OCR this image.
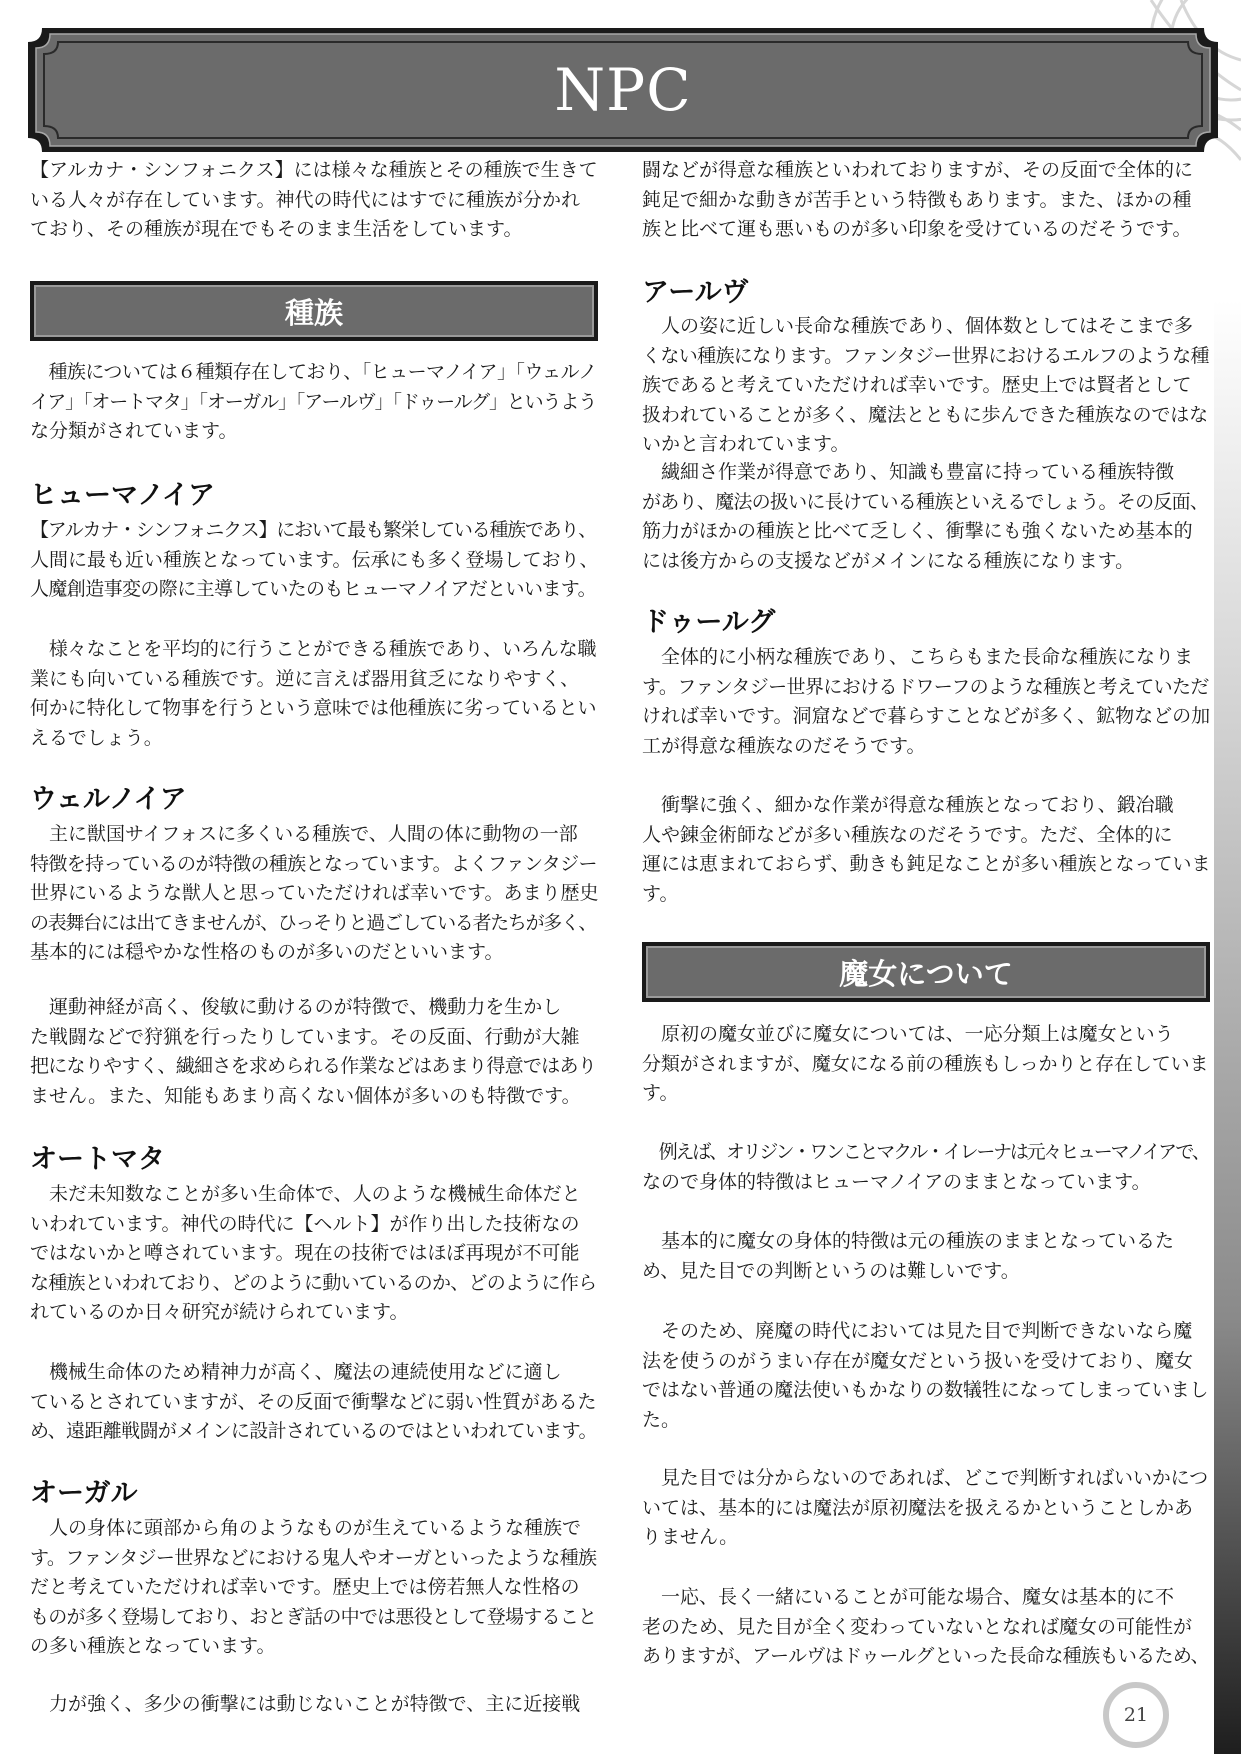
NPC
【アルカナ・シンフォニクス】には様々な種族とその種族で生きて
いる人々が存在しています。神代の時代にはすでに種族が分かれ
ており、その種族が現在でもそのまま生活をしています。
種族
　種族については６種類存在しており、「ヒューマノイア」「ウェルノ
イア」「オートマタ」「オーガル」「アールヴ」「ドゥールグ」というよう
な分類がされています。
ヒューマノイア
【アルカナ・シンフォニクス】において最も繁栄している種族であり、
人間に最も近い種族となっています。伝承にも多く登場しており、
人魔創造事変の際に主導していたのもヒューマノイアだといいます。
　様々なことを平均的に行うことができる種族であり、いろんな職
業にも向いている種族です。逆に言えば器用貧乏になりやすく、
何かに特化して物事を行うという意味では他種族に劣っているとい
えるでしょう。
ウェルノイア
　主に獣国サイフォスに多くいる種族で、人間の体に動物の一部
特徴を持っているのが特徴の種族となっています。よくファンタジー
世界にいるような獣人と思っていただければ幸いです。あまり歴史
の表舞台には出てきませんが、ひっそりと過ごしている者たちが多く、
基本的には穏やかな性格のものが多いのだといいます。
　運動神経が高く、俊敏に動けるのが特徴で、機動力を生かし
た戦闘などで狩猟を行ったりしています。その反面、行動が大雑
把になりやすく、繊細さを求められる作業などはあまり得意ではあり
ません。また、知能もあまり高くない個体が多いのも特徴です。
オートマタ
　未だ未知数なことが多い生命体で、人のような機械生命体だと
いわれています。神代の時代に【ヘルト】が作り出した技術なの
ではないかと噂されています。現在の技術ではほぼ再現が不可能
な種族といわれており、どのように動いているのか、どのように作ら
れているのか日々研究が続けられています。
　機械生命体のため精神力が高く、魔法の連続使用などに適し
ているとされていますが、その反面で衝撃などに弱い性質があるた
め、遠距離戦闘がメインに設計されているのではといわれています。
オーガル
　人の身体に頭部から角のようなものが生えているような種族で
す。ファンタジー世界などにおける鬼人やオーガといったような種族
だと考えていただければ幸いです。歴史上では傍若無人な性格の
ものが多く登場しており、おとぎ話の中では悪役として登場すること
の多い種族となっています。
　力が強く、多少の衝撃には動じないことが特徴で、主に近接戦
闘などが得意な種族といわれておりますが、その反面で全体的に
鈍足で細かな動きが苦手という特徴もあります。また、ほかの種
族と比べて運も悪いものが多い印象を受けているのだそうです。
アールヴ
　人の姿に近しい長命な種族であり、個体数としてはそこまで多
くない種族になります。ファンタジー世界におけるエルフのような種
族であると考えていただければ幸いです。歴史上では賢者として
扱われていることが多く、魔法とともに歩んできた種族なのではな
いかと言われています。
　繊細さ作業が得意であり、知識も豊富に持っている種族特徴
があり、魔法の扱いに長けている種族といえるでしょう。その反面、
筋力がほかの種族と比べて乏しく、衝撃にも強くないため基本的
には後方からの支援などがメインになる種族になります。
ドゥールグ
　全体的に小柄な種族であり、こちらもまた長命な種族になりま
す。ファンタジー世界におけるドワーフのような種族と考えていただ
ければ幸いです。洞窟などで暮らすことなどが多く、鉱物などの加
工が得意な種族なのだそうです。
　衝撃に強く、細かな作業が得意な種族となっており、鍛冶職
人や錬金術師などが多い種族なのだそうです。ただ、全体的に
運には恵まれておらず、動きも鈍足なことが多い種族となっていま
す。
魔女について
　原初の魔女並びに魔女については、一応分類上は魔女という
分類がされますが、魔女になる前の種族もしっかりと存在していま
す。
　例えば、オリジン・ワンことマクル・イレーナは元々ヒューマノイアで、
なので身体的特徴はヒューマノイアのままとなっています。
　基本的に魔女の身体的特徴は元の種族のままとなっているた
め、見た目での判断というのは難しいです。
　そのため、廃魔の時代においては見た目で判断できないなら魔
法を使うのがうまい存在が魔女だという扱いを受けており、魔女
ではない普通の魔法使いもかなりの数犠牲になってしまっていまし
た。
　見た目では分からないのであれば、どこで判断すればいいかにつ
いては、基本的には魔法が原初魔法を扱えるかということしかあ
りません。
　一応、長く一緒にいることが可能な場合、魔女は基本的に不
老のため、見た目が全く変わっていないとなれば魔女の可能性が
ありますが、アールヴはドゥールグといった長命な種族もいるため、
21
